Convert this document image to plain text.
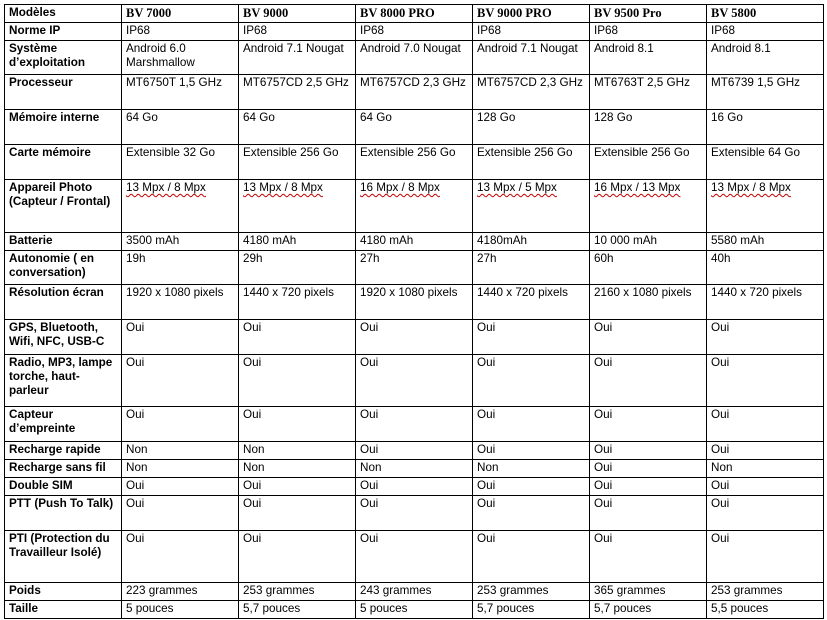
Modèles	BV 7000	BV 9000	BV 8000 PRO	BV 9000 PRO	BV 9500 Pro	BV 5800
Norme IP	IP68	IP68	IP68	IP68	IP68	IP68
Système d’exploitation	Android 6.0 Marshmallow	Android 7.1 Nougat	Android 7.0 Nougat	Android 7.1 Nougat	Android 8.1	Android 8.1
Processeur	MT6750T 1,5 GHz	MT6757CD 2,5 GHz	MT6757CD 2,3 GHz	MT6757CD 2,3 GHz	MT6763T 2,5 GHz	MT6739 1,5 GHz
Mémoire interne	64 Go	64 Go	64 Go	128 Go	128 Go	16 Go
Carte mémoire	Extensible 32 Go	Extensible 256 Go	Extensible 256 Go	Extensible 256 Go	Extensible 256 Go	Extensible 64 Go
Appareil Photo (Capteur / Frontal)	13 Mpx / 8 Mpx	13 Mpx / 8 Mpx	16 Mpx / 8 Mpx	13 Mpx / 5 Mpx	16 Mpx / 13 Mpx	13 Mpx / 8 Mpx
Batterie	3500 mAh	4180 mAh	4180 mAh	4180mAh	10 000 mAh	5580 mAh
Autonomie ( en conversation)	19h	29h	27h	27h	60h	40h
Résolution écran	1920 x 1080 pixels	1440 x 720 pixels	1920 x 1080 pixels	1440 x 720 pixels	2160 x 1080 pixels	1440 x 720 pixels
GPS, Bluetooth, Wifi, NFC, USB-C	Oui	Oui	Oui	Oui	Oui	Oui
Radio, MP3, lampe torche, haut-parleur	Oui	Oui	Oui	Oui	Oui	Oui
Capteur d’empreinte	Oui	Oui	Oui	Oui	Oui	Oui
Recharge rapide	Non	Non	Oui	Oui	Oui	Oui
Recharge sans fil	Non	Non	Non	Non	Oui	Non
Double SIM	Oui	Oui	Oui	Oui	Oui	Oui
PTT (Push To Talk)	Oui	Oui	Oui	Oui	Oui	Oui
PTI (Protection du Travailleur Isolé)	Oui	Oui	Oui	Oui	Oui	Oui
Poids	223 grammes	253 grammes	243 grammes	253 grammes	365 grammes	253 grammes
Taille	5 pouces	5,7 pouces	5 pouces	5,7 pouces	5,7 pouces	5,5 pouces
